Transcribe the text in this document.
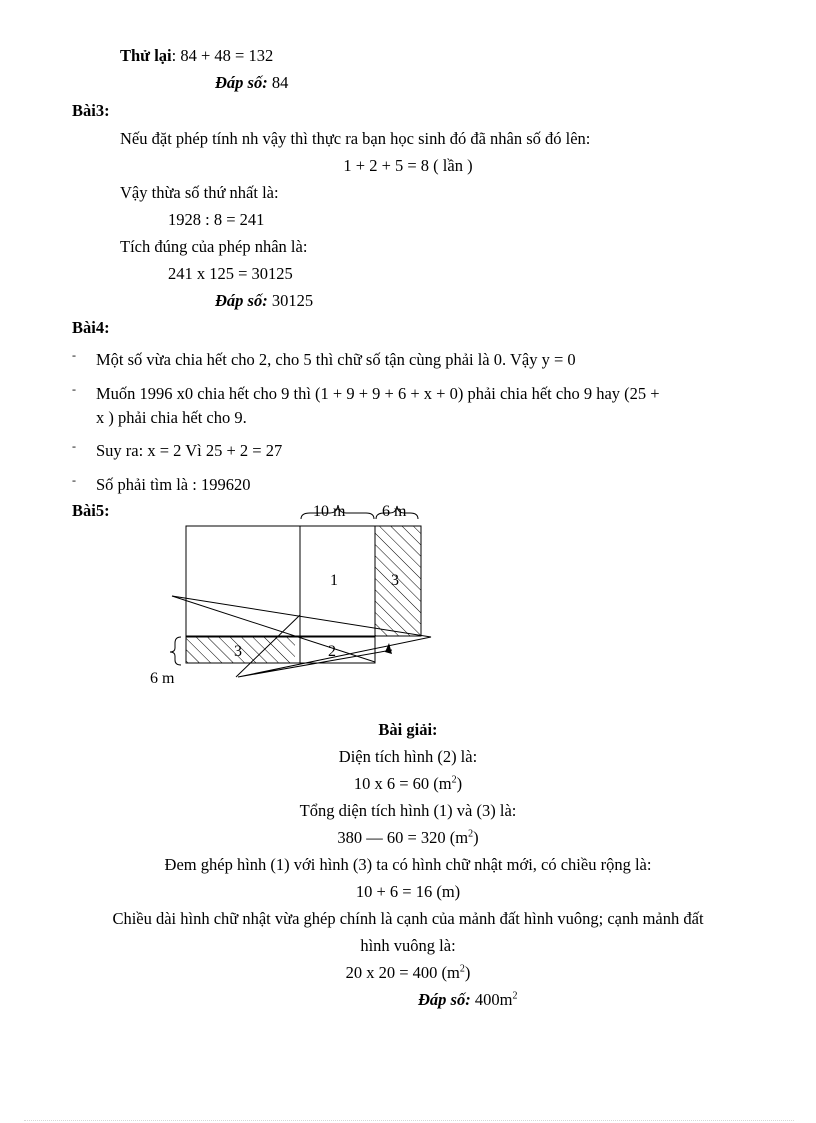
Thử lại: 84 + 48 = 132
Đáp số: 84
Bài3:
Nếu đặt phép tính nh vậy thì thực ra bạn học sinh đó đã nhân số đó lên:
1 + 2 + 5 = 8 ( lần )
Vậy thừa số thứ nhất là:
1928 : 8 = 241
Tích đúng của phép nhân là:
241 x 125 = 30125
Đáp số: 30125
Bài4:
- Một số vừa chia hết cho 2, cho 5 thì chữ số tận cùng phải là 0. Vậy y = 0
- Muốn 1996 x0 chia hết cho 9 thì (1 + 9 + 9 + 6 + x + 0) phải chia hết cho 9 hay (25 +
x ) phải chia hết cho 9.
- Suy ra: x = 2 Vì 25 + 2 = 27
- Số phải tìm là : 199620
Bài5:	10 m 6 m
6 m
1	3
3	2
Bài giải:
Diện tích hình (2) là:
10 x 6 = 60 $(m^2)$
Tổng diện tích hình (1) và (3) là:
380 — 60 = 320 $(m^2)$
Đem ghép hình (1) với hình (3) ta có hình chữ nhật mới, có chiều rộng là:
10 + 6 = 16 (m)
Chiều dài hình chữ nhật vừa ghép chính là cạnh của mảnh đất hình vuông; cạnh mảnh đất
hình vuông là:
20 x 20 = 400 $(m^2)$
Đáp số: $400m^2$
